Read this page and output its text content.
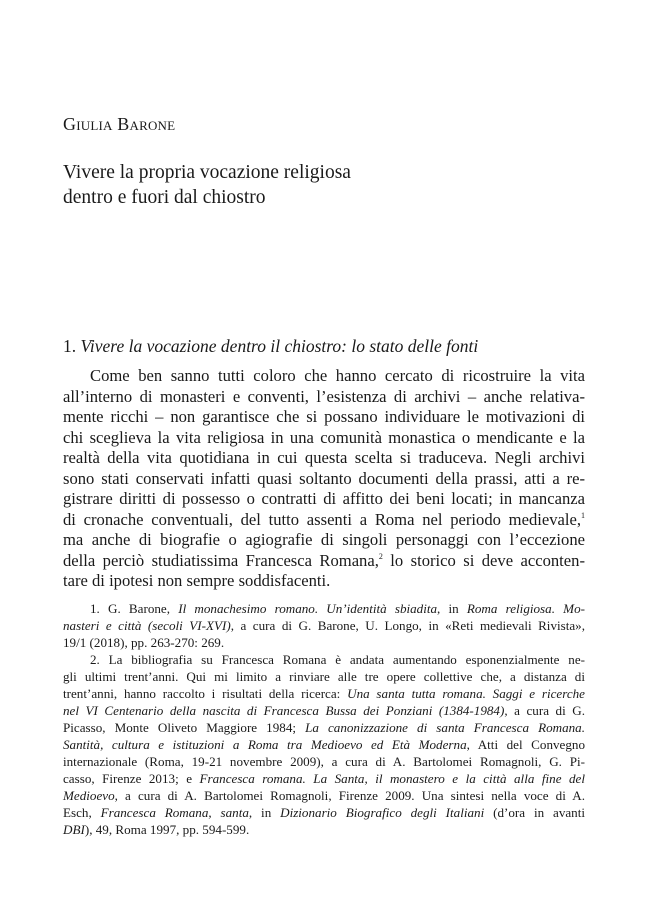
Giulia Barone
Vivere la propria vocazione religiosa
dentro e fuori dal chiostro
1. Vivere la vocazione dentro il chiostro: lo stato delle fonti
Come ben sanno tutti coloro che hanno cercato di ricostruire la vita
all’interno di monasteri e conventi, l’esistenza di archivi – anche relativa-
mente ricchi – non garantisce che si possano individuare le motivazioni di
chi sceglieva la vita religiosa in una comunità monastica o mendicante e la
realtà della vita quotidiana in cui questa scelta si traduceva. Negli archivi
sono stati conservati infatti quasi soltanto documenti della prassi, atti a re-
gistrare diritti di possesso o contratti di affitto dei beni locati; in mancanza
di cronache conventuali, del tutto assenti a Roma nel periodo medievale,$^1$
ma anche di biografie o agiografie di singoli personaggi con l’eccezione
della perciò studiatissima Francesca Romana,$^2$ lo storico si deve acconten-
tare di ipotesi non sempre soddisfacenti.
1. G. Barone, Il monachesimo romano. Un’identità sbiadita, in Roma religiosa. Mo-
nasteri e città (secoli VI-XVI), a cura di G. Barone, U. Longo, in «Reti medievali Rivista»,
19/1 (2018), pp. 263-270: 269.
2. La bibliografia su Francesca Romana è andata aumentando esponenzialmente ne-
gli ultimi trent’anni. Qui mi limito a rinviare alle tre opere collettive che, a distanza di
trent’anni, hanno raccolto i risultati della ricerca: Una santa tutta romana. Saggi e ricerche
nel VI Centenario della nascita di Francesca Bussa dei Ponziani (1384-1984), a cura di G.
Picasso, Monte Oliveto Maggiore 1984; La canonizzazione di santa Francesca Romana.
Santità, cultura e istituzioni a Roma tra Medioevo ed Età Moderna, Atti del Convegno
internazionale (Roma, 19-21 novembre 2009), a cura di A. Bartolomei Romagnoli, G. Pi-
casso, Firenze 2013; e Francesca romana. La Santa, il monastero e la città alla fine del
Medioevo, a cura di A. Bartolomei Romagnoli, Firenze 2009. Una sintesi nella voce di A.
Esch, Francesca Romana, santa, in Dizionario Biografico degli Italiani (d’ora in avanti
DBI), 49, Roma 1997, pp. 594-599.
